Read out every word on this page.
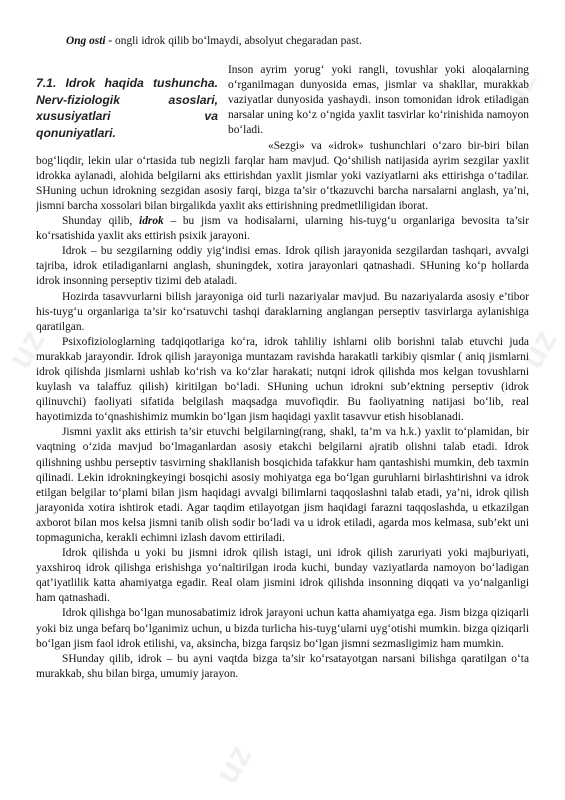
Ong osti - ongli idrok qilib bo‘lmaydi, absolyut chegaradan past.

7.1. Idrok haqida tushuncha.
Nerv-fiziologik asoslari,
xususiyatlari va
qonuniyatlari.

Inson ayrim yorug‘ yoki rangli, tovushlar yoki aloqalarning o‘rganilmagan dunyosida emas, jismlar va shakllar, murakkab vaziyatlar dunyosida yashaydi. inson tomonidan idrok etiladigan narsalar uning ko‘z o‘ngida yaxlit tasvirlar ko‘rinishida namoyon bo‘ladi.

«Sezgi» va «idrok» tushunchlari o‘zaro bir-biri bilan bog‘liqdir, lekin ular o‘rtasida tub negizli farqlar ham mavjud. Qo‘shilish natijasida ayrim sezgilar yaxlit idrokka aylanadi, alohida belgilarni aks ettirishdan yaxlit jismlar yoki vaziyatlarni aks ettirishga o‘tadilar. SHuning uchun idrokning sezgidan asosiy farqi, bizga ta’sir o‘tkazuvchi barcha narsalarni anglash, ya’ni, jismni barcha xossolari bilan birgalikda yaxlit aks ettirishning predmetliligidan iborat.

Shunday qilib, idrok – bu jism va hodisalarni, ularning his-tuyg‘u organlariga bevosita ta’sir ko‘rsatishida yaxlit aks ettirish psixik jarayoni.

Idrok – bu sezgilarning oddiy yig‘indisi emas. Idrok qilish jarayonida sezgilardan tashqari, avvalgi tajriba, idrok etiladiganlarni anglash, shuningdek, xotira jarayonlari qatnashadi. SHuning ko‘p hollarda idrok insonning perseptiv tizimi deb ataladi.

Hozirda tasavvurlarni bilish jarayoniga oid turli nazariyalar mavjud. Bu nazariyalarda asosiy e’tibor his-tuyg‘u organlariga ta’sir ko‘rsatuvchi tashqi daraklarning anglangan perseptiv tasvirlarga aylanishiga qaratilgan.

Psixofiziologlarning tadqiqotlariga ko‘ra, idrok tahliliy ishlarni olib borishni talab etuvchi juda murakkab jarayondir. Idrok qilish jarayoniga muntazam ravishda harakatli tarkibiy qismlar ( aniq jismlarni idrok qilishda jismlarni ushlab ko‘rish va ko‘zlar harakati; nutqni idrok qilishda mos kelgan tovushlarni kuylash va talaffuz qilish) kiritilgan bo‘ladi. SHuning uchun idrokni sub’ektning perseptiv (idrok qilinuvchi) faoliyati sifatida belgilash maqsadga muvofiqdir. Bu faoliyatning natijasi bo‘lib, real hayotimizda to‘qnashishimiz mumkin bo‘lgan jism haqidagi yaxlit tasavvur etish hisoblanadi.

Jismni yaxlit aks ettirish ta’sir etuvchi belgilarning(rang, shakl, ta’m va h.k.) yaxlit to‘plamidan, bir vaqtning o‘zida mavjud bo‘lmaganlardan asosiy etakchi belgilarni ajratib olishni talab etadi. Idrok qilishning ushbu perseptiv tasvirning shakllanish bosqichida tafakkur ham qantashishi mumkin, deb taxmin qilinadi. Lekin idrokningkeyingi bosqichi asosiy mohiyatga ega bo‘lgan guruhlarni birlashtirishni va idrok etilgan belgilar to‘plami bilan jism haqidagi avvalgi bilimlarni taqqoslashni talab etadi, ya’ni, idrok qilish jarayonida xotira ishtirok etadi. Agar taqdim etilayotgan jism haqidagi farazni taqqoslashda, u etkazilgan axborot bilan mos kelsa jismni tanib olish sodir bo‘ladi va u idrok etiladi, agarda mos kelmasa, sub’ekt uni topmagunicha, kerakli echimni izlash davom ettiriladi.

Idrok qilishda u yoki bu jismni idrok qilish istagi, uni idrok qilish zaruriyati yoki majburiyati, yaxshiroq idrok qilishga erishishga yo‘naltirilgan iroda kuchi, bunday vaziyatlarda namoyon bo‘ladigan qat’iyatlilik katta ahamiyatga egadir. Real olam jismini idrok qilishda insonning diqqati va yo‘nalganligi ham qatnashadi.

Idrok qilishga bo‘lgan munosabatimiz idrok jarayoni uchun katta ahamiyatga ega. Jism bizga qiziqarli yoki biz unga befarq bo‘lganimiz uchun, u bizda turlicha his-tuyg‘ularni uyg‘otishi mumkin. bizga qiziqarli bo‘lgan jism faol idrok etilishi, va, aksincha, bizga farqsiz bo‘lgan jismni sezmasligimiz ham mumkin.

SHunday qilib, idrok – bu ayni vaqtda bizga ta’sir ko‘rsatayotgan narsani bilishga qaratilgan o‘ta murakkab, shu bilan birga, umumiy jarayon.

uz
uz	uz
uz
